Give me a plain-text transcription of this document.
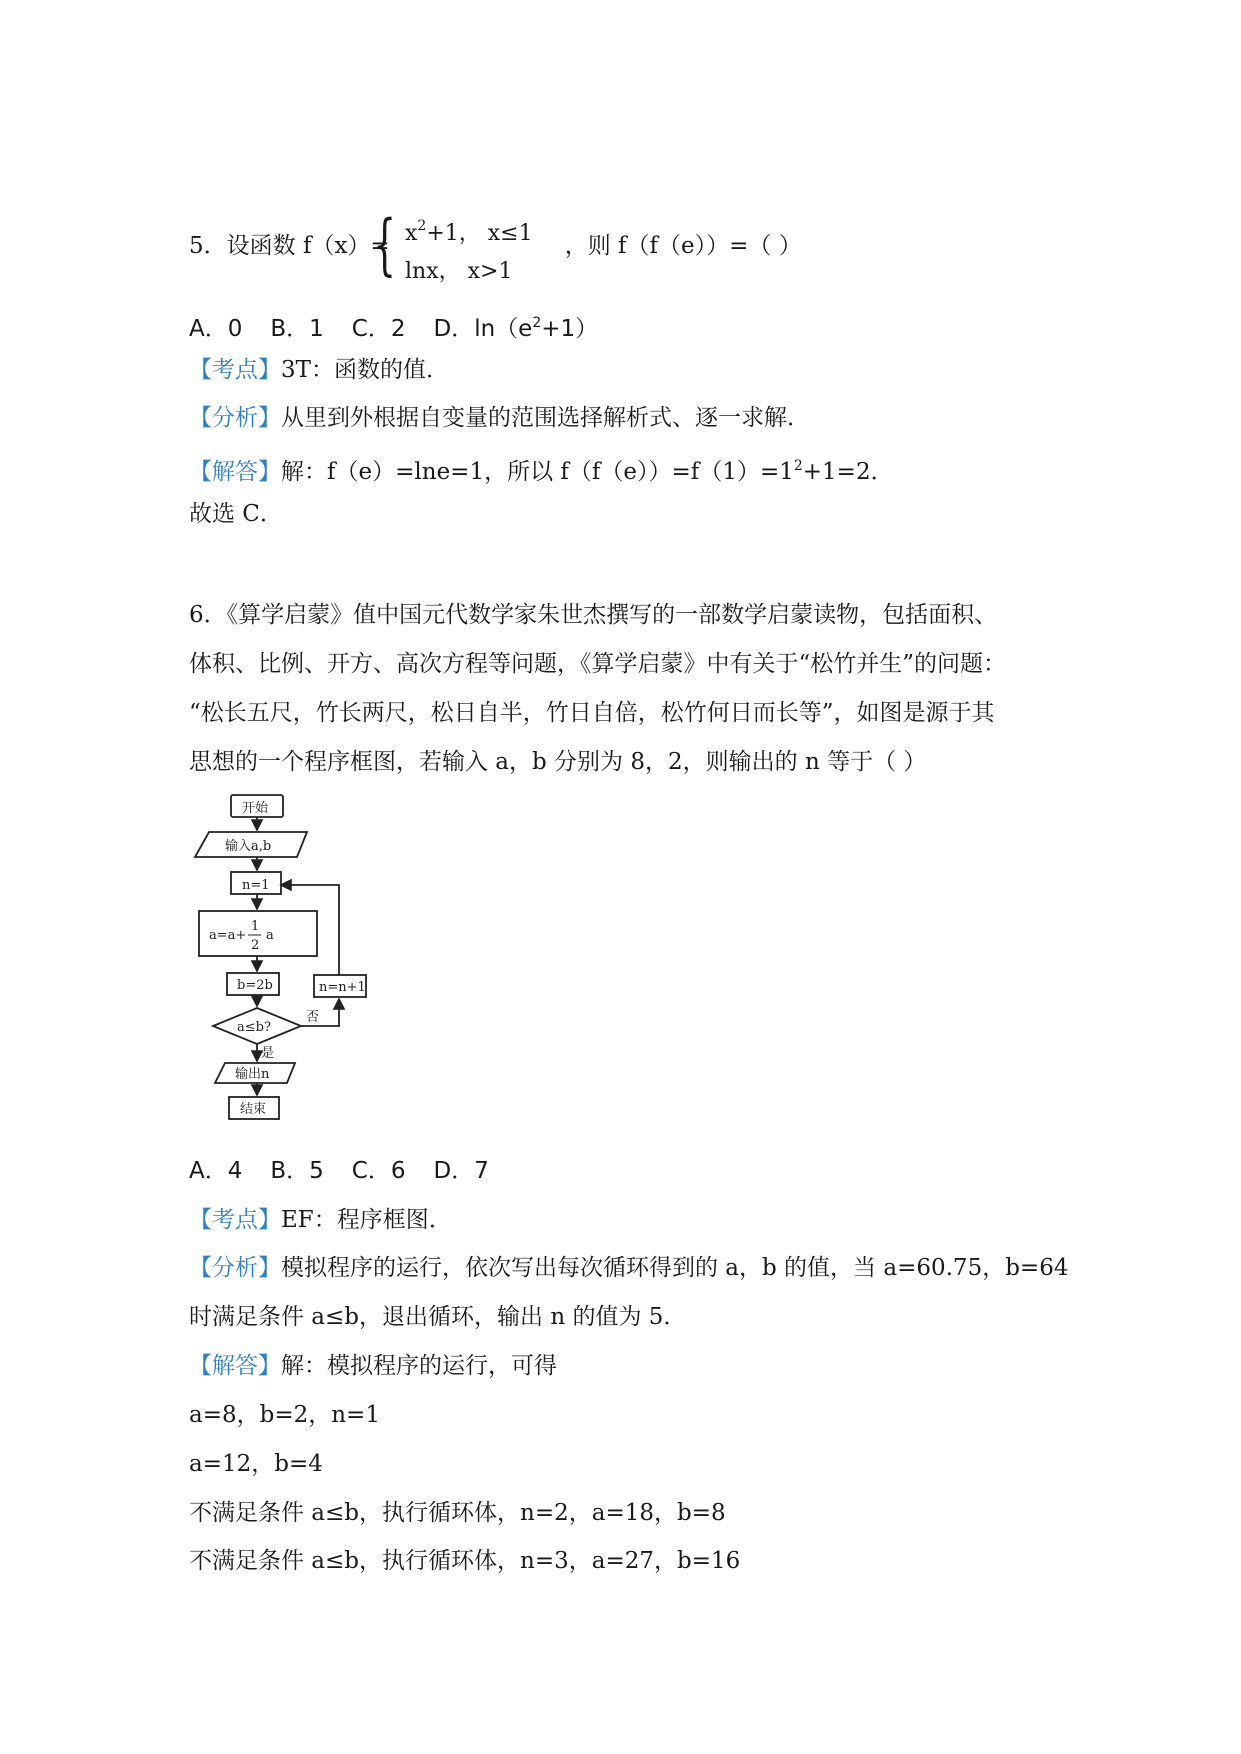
5．设函数 f（x）=	，则 f（f（e））=（ ）
{ $x^2+1$， x≤1
lnx， x>1
A．0 B．1 C．2 D．$\ln(e^2+1)$
【考点】3T：函数的值．
【分析】从里到外根据自变量的范围选择解析式、逐一求解．
【解答】解：f（e）=lne=1，所以 $f(f(e))=f(1)=1^2+1=2$．
故选 C．
6．《算学启蒙》值中国元代数学家朱世杰撰写的一部数学启蒙读物，包括面积、
体积、比例、开方、高次方程等问题，《算学启蒙》中有关于“松竹并生”的问题：
“松长五尺，竹长两尺，松日自半，竹日自倍，松竹何日而长等”，如图是源于其
思想的一个程序框图，若输入 a，b 分别为 8，2，则输出的 n 等于（ ）
开始
输入a,b
n=1
a=a+
1
2
a
b=2b
a≤b?
是
否
n=n+1
输出n
结束
A．4 B．5 C．6 D．7
【考点】EF：程序框图．
【分析】模拟程序的运行，依次写出每次循环得到的 a，b 的值，当 a=60.75，b=64
时满足条件 a≤b，退出循环，输出 n 的值为 5．
【解答】解：模拟程序的运行，可得
a=8，b=2，n=1
a=12，b=4
不满足条件 a≤b，执行循环体，n=2，a=18，b=8
不满足条件 a≤b，执行循环体，n=3，a=27，b=16
